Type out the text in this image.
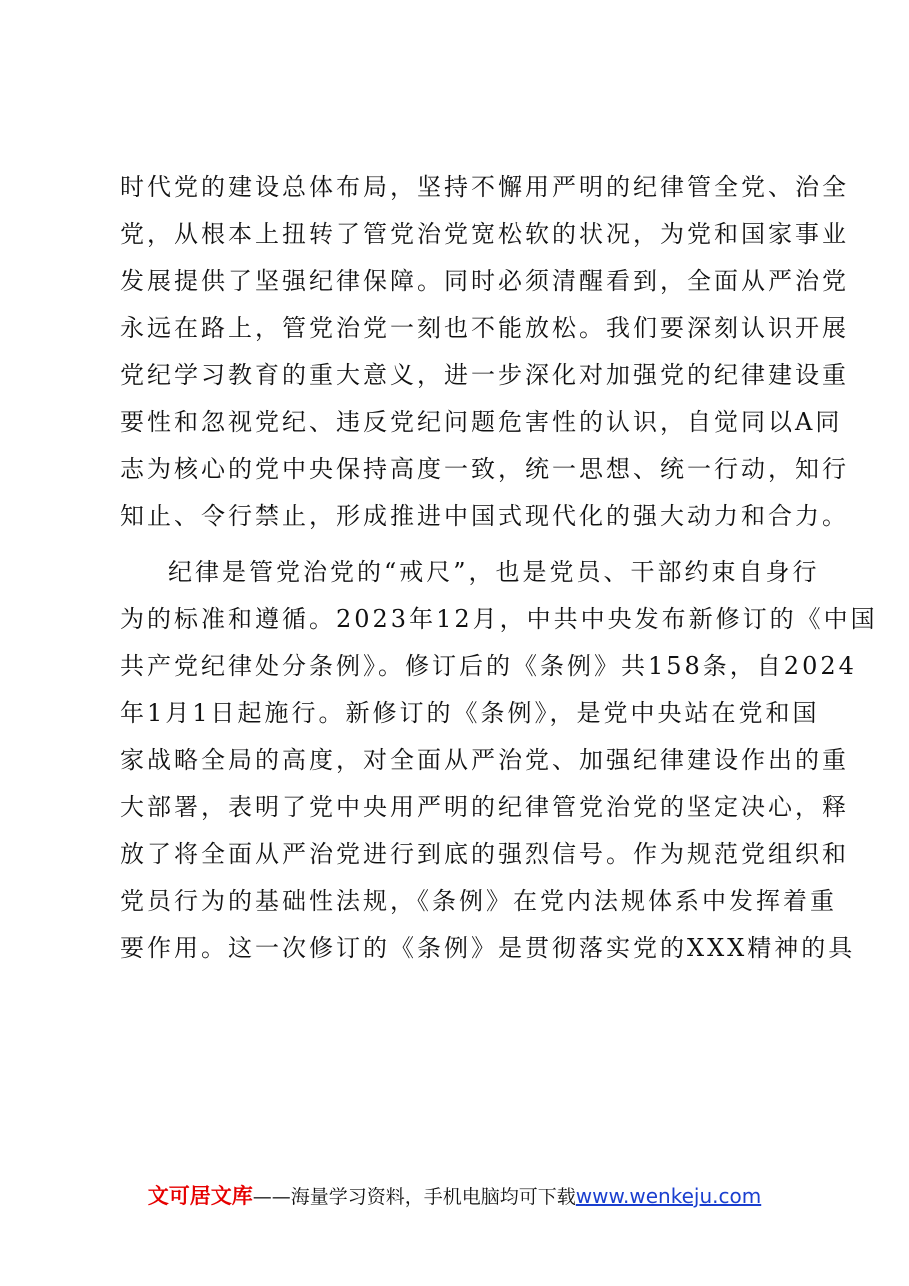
时代党的建设总体布局，坚持不懈用严明的纪律管全党、治全
党，从根本上扭转了管党治党宽松软的状况，为党和国家事业
发展提供了坚强纪律保障。同时必须清醒看到，全面从严治党
永远在路上，管党治党一刻也不能放松。我们要深刻认识开展
党纪学习教育的重大意义，进一步深化对加强党的纪律建设重
要性和忽视党纪、违反党纪问题危害性的认识，自觉同以A同
志为核心的党中央保持高度一致，统一思想、统一行动，知行
知止、令行禁止，形成推进中国式现代化的强大动力和合力。
纪律是管党治党的“戒尺”，也是党员、干部约束自身行
为的标准和遵循。2023年12月，中共中央发布新修订的《中国
共产党纪律处分条例》。修订后的《条例》共158条，自2024
年1月1日起施行。新修订的《条例》，是党中央站在党和国
家战略全局的高度，对全面从严治党、加强纪律建设作出的重
大部署，表明了党中央用严明的纪律管党治党的坚定决心，释
放了将全面从严治党进行到底的强烈信号。作为规范党组织和
党员行为的基础性法规，《条例》在党内法规体系中发挥着重
要作用。这一次修订的《条例》是贯彻落实党的XXX精神的具
文可居文库——海量学习资料，手机电脑均可下载www.wenkeju.com
